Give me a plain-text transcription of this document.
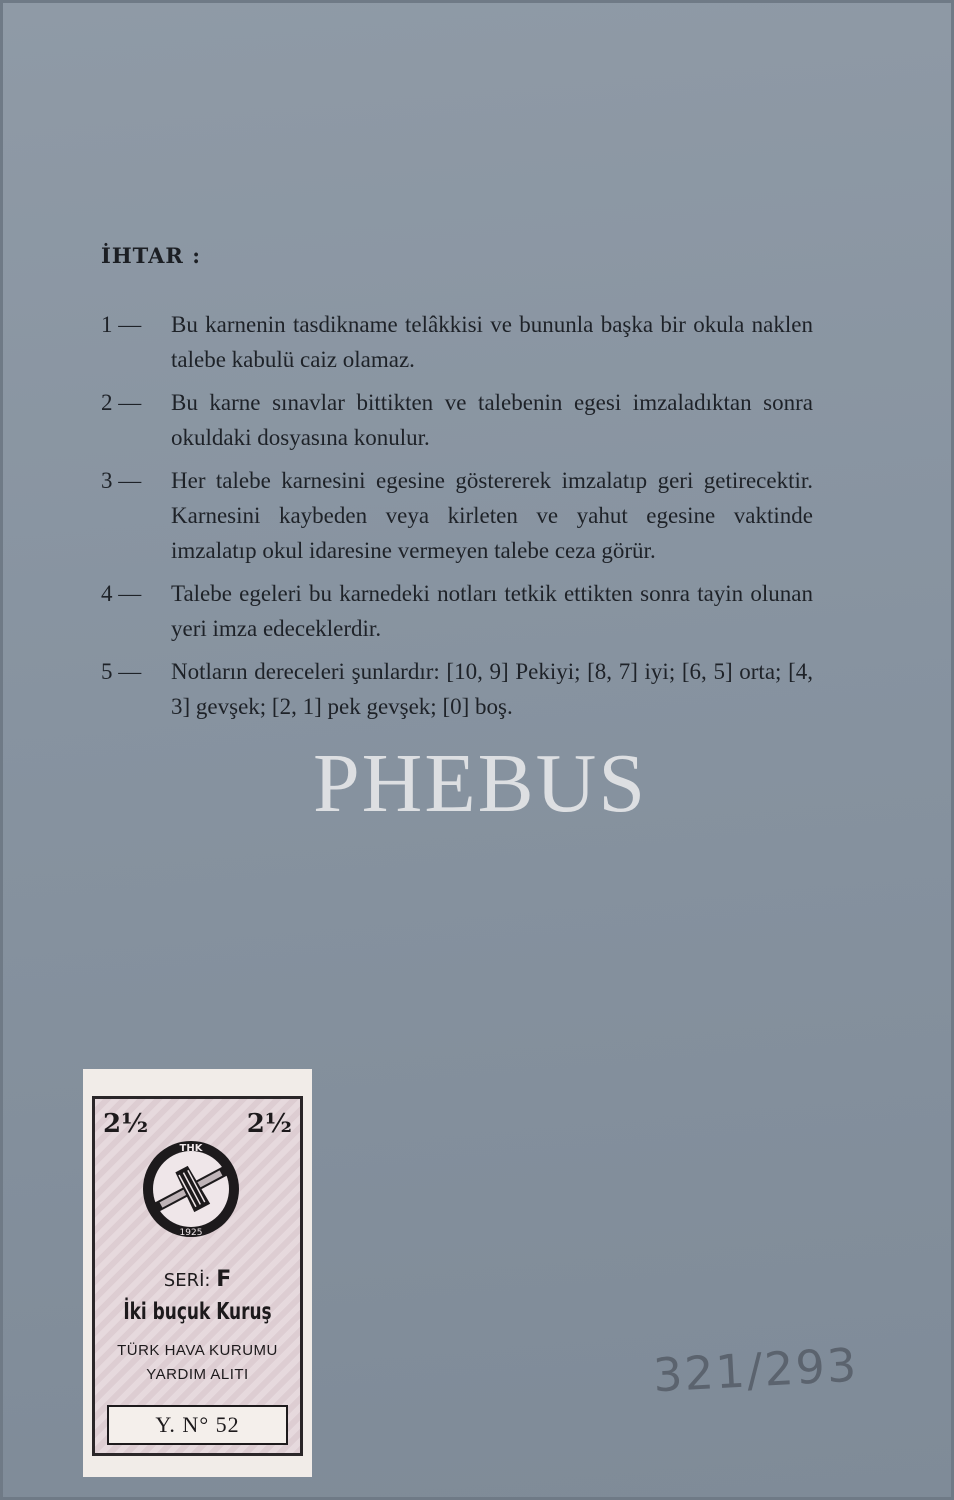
İHTAR :
1 —	Bu karnenin tasdikname telâkkisi ve bununla başka bir okula naklen talebe kabulü caiz olamaz.
2 —	Bu karne sınavlar bittikten ve talebenin egesi imzaladıktan sonra okuldaki dosyasına konulur.
3 —	Her talebe karnesini egesine göstererek imzalatıp geri getirecektir. Karnesini kaybeden veya kirleten ve yahut egesine vaktinde imzalatıp okul idaresine vermeyen talebe ceza görür.
4 —	Talebe egeleri bu karnedeki notları tetkik ettikten sonra tayin olunan yeri imza edeceklerdir.
5 —	Notların dereceleri şunlardır: [10, 9] Pekiyi; [8, 7] iyi; [6, 5] orta; [4, 3] gevşek; [2, 1] pek gevşek; [0] boş.
PHEBUS
321/293
2½	2½
THK
1925
SERİ: F
İki buçuk Kuruş
TÜRK HAVA KURUMU
YARDIM ALITI
Y. N° 52
